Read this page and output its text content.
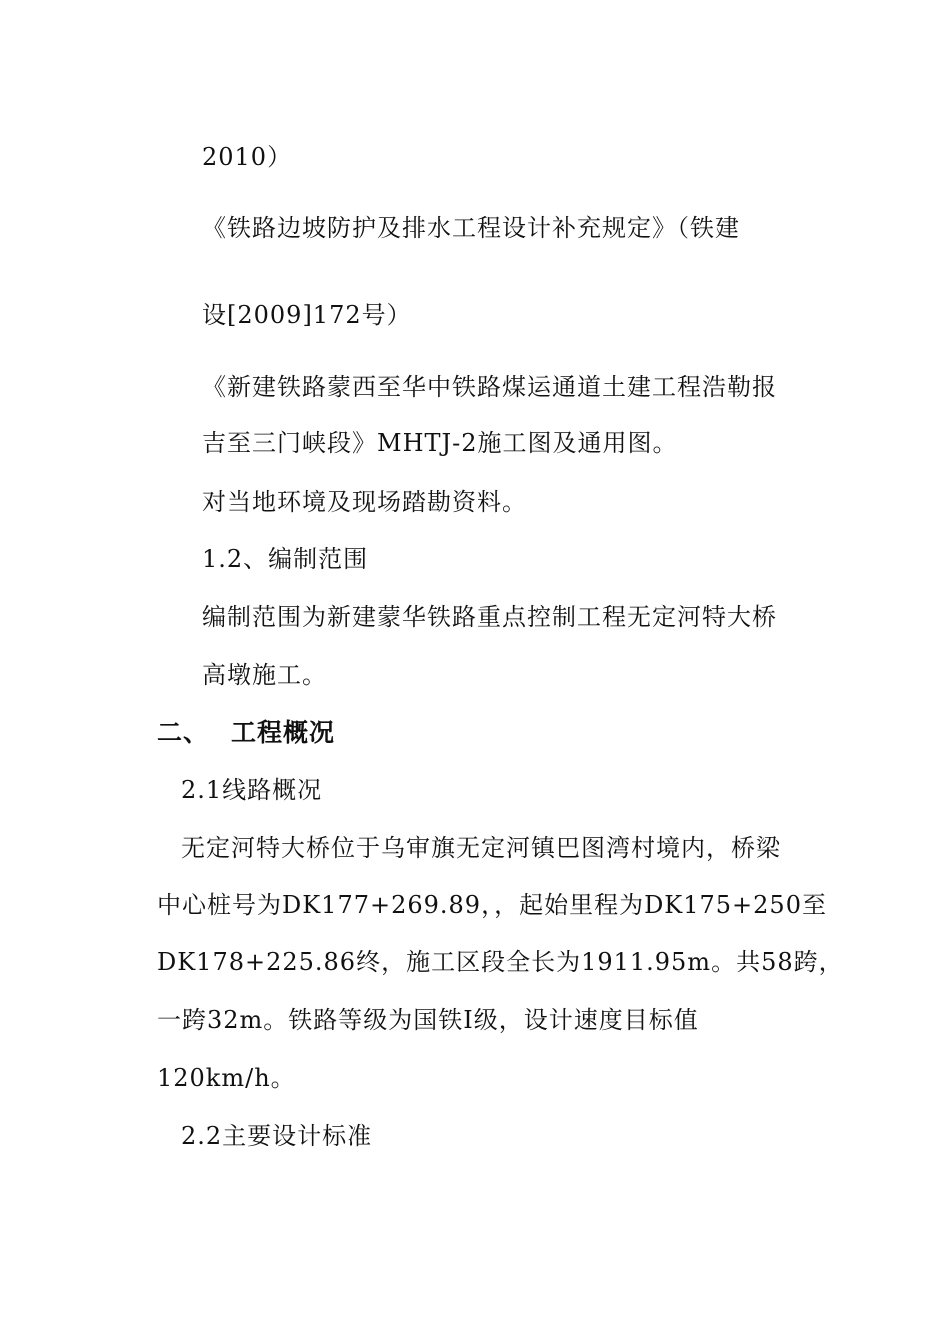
2010）
《铁路边坡防护及排水工程设计补充规定》（铁建
设[2009]172号）
《新建铁路蒙西至华中铁路煤运通道土建工程浩勒报
吉至三门峡段》MHTJ-2施工图及通用图。
对当地环境及现场踏勘资料。
1.2、编制范围
编制范围为新建蒙华铁路重点控制工程无定河特大桥
高墩施工。
二、 工程概况
2.1线路概况
无定河特大桥位于乌审旗无定河镇巴图湾村境内，桥梁
中心桩号为DK177+269.89，，起始里程为DK175+250至
DK178+225.86终，施工区段全长为1911.95m。共58跨，
一跨32m。铁路等级为国铁Ⅰ级，设计速度目标值
120km/h。
2.2主要设计标准
